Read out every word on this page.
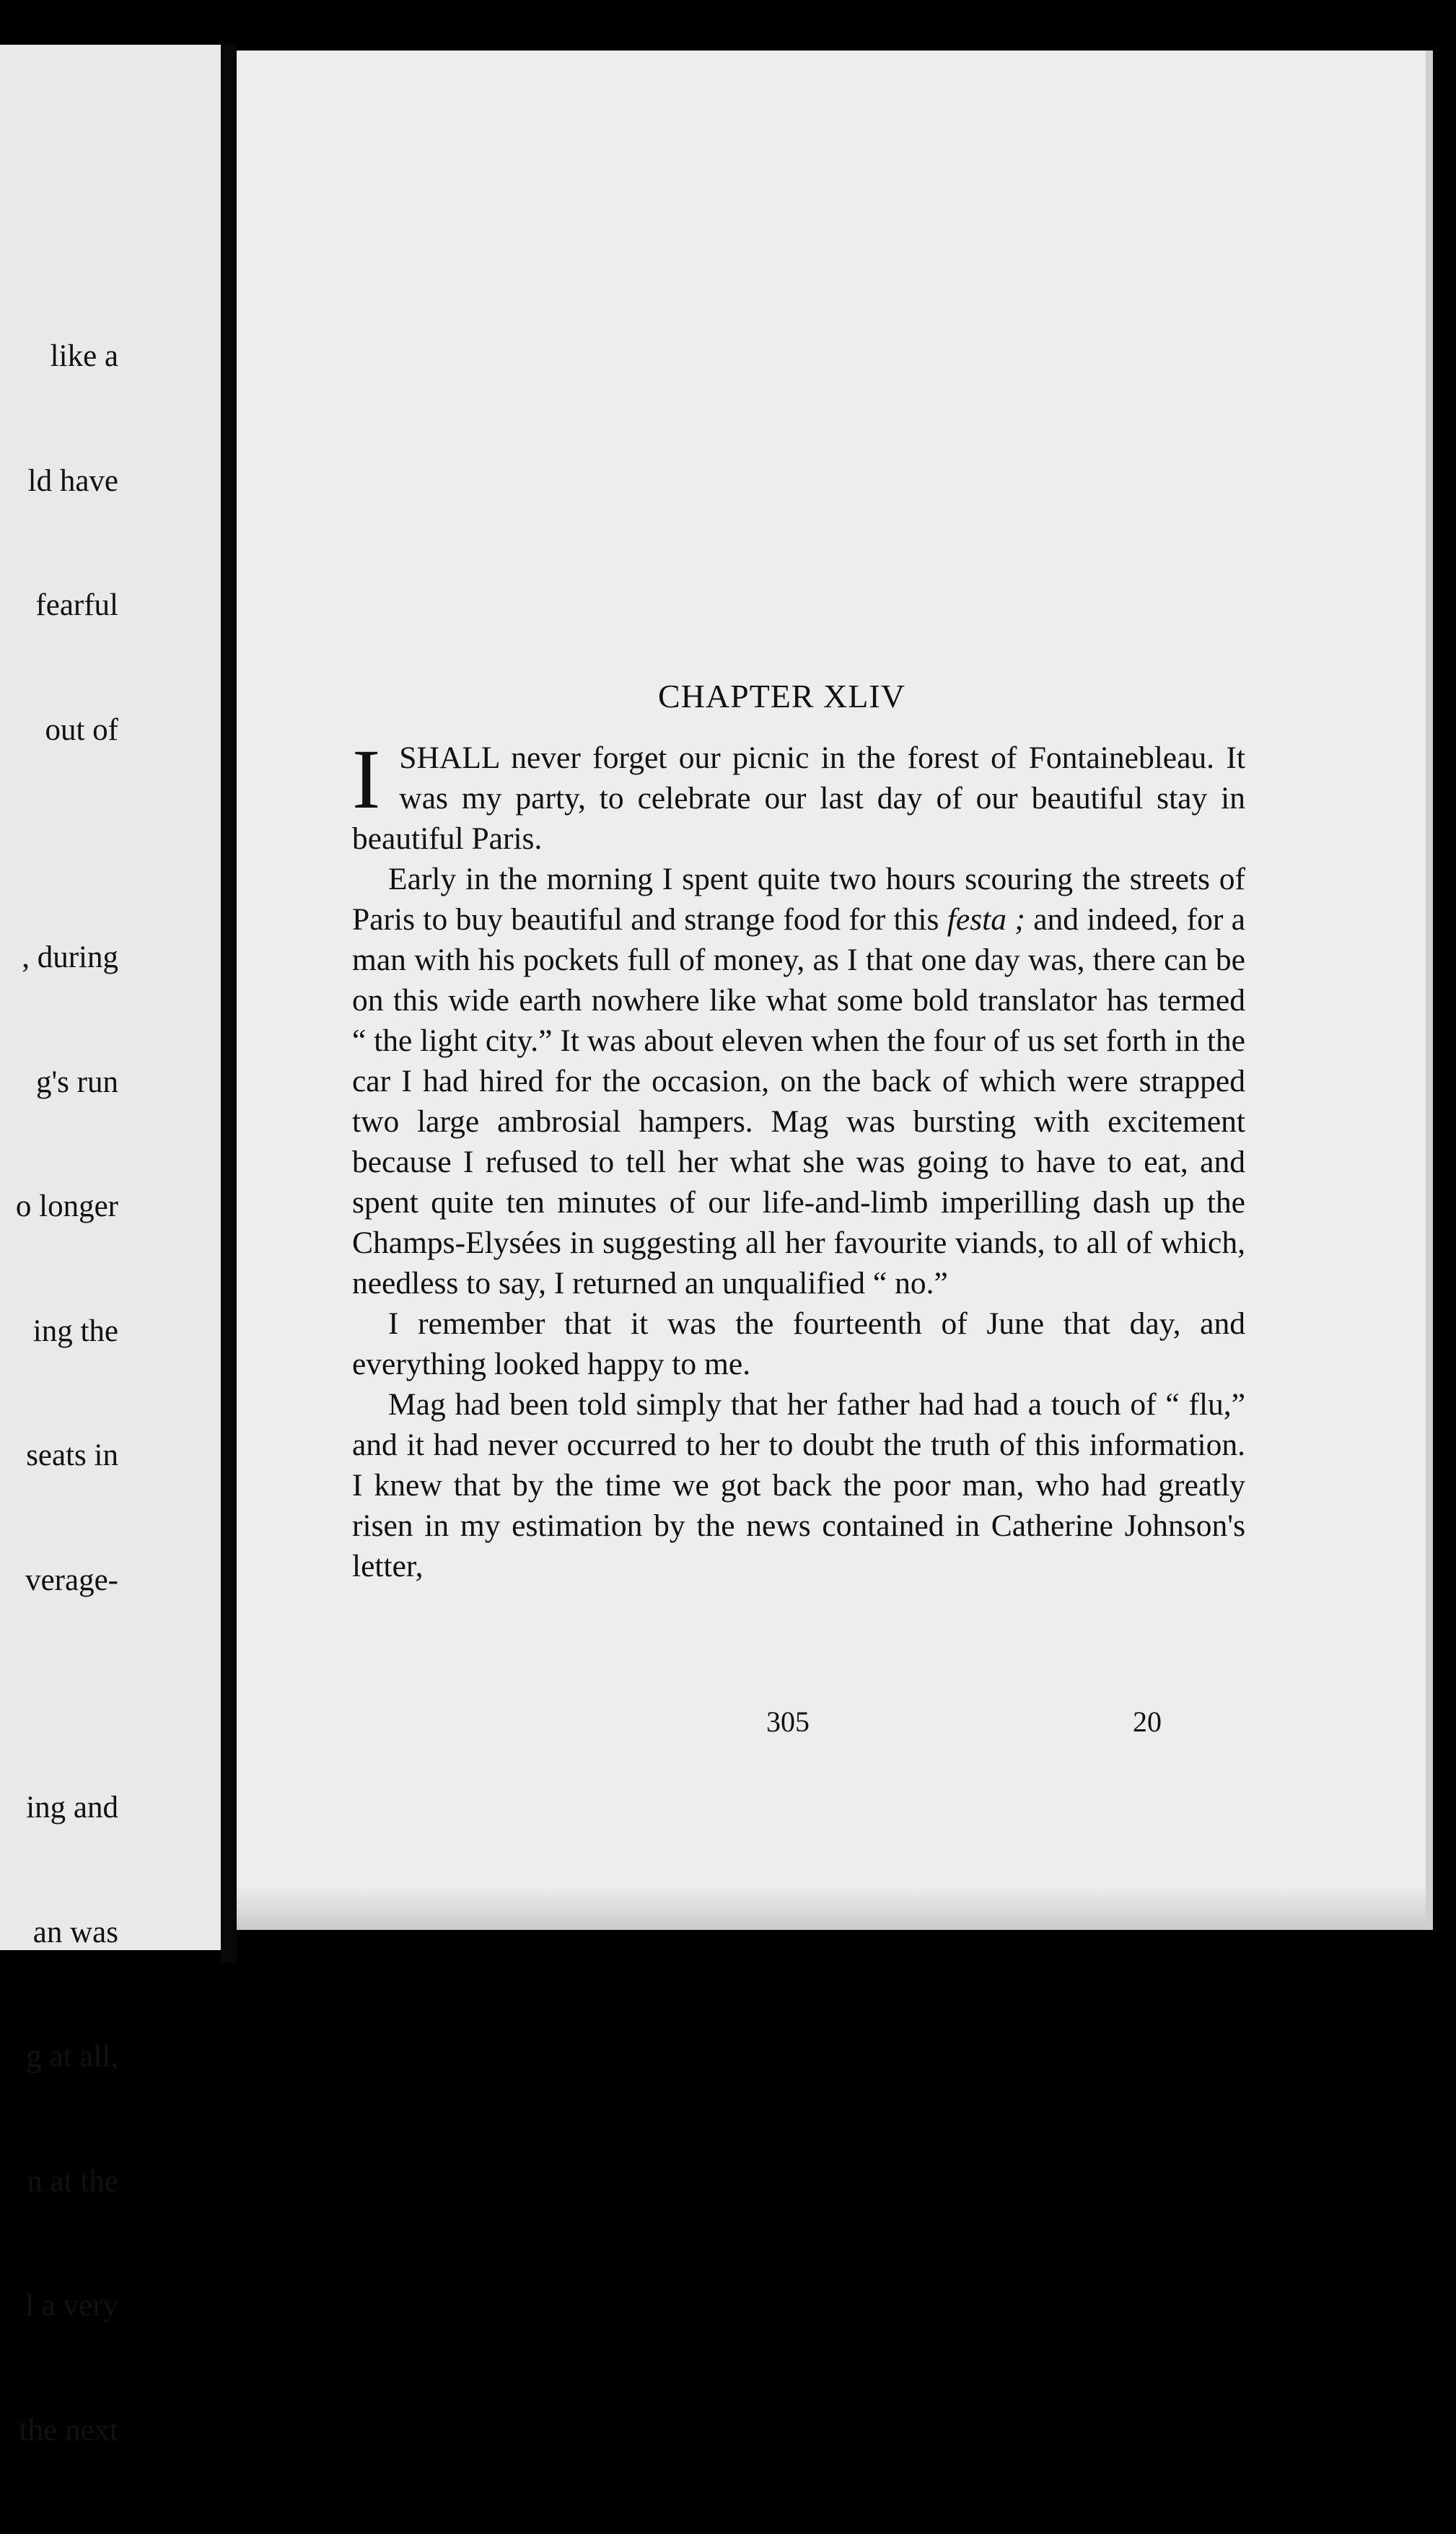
like a

ld have

fearful

out of

, during

g's run

o longer

ing the

seats in

verage-

ing and

an was

g at all,

n at the

l a very

the next

CHAPTER XLIV

ISHALL never forget our picnic in the forest of Fontainebleau. It was my party, to celebrate our last day of our beautiful stay in beautiful Paris.

Early in the morning I spent quite two hours scouring the streets of Paris to buy beautiful and strange food for this festa ; and indeed, for a man with his pockets full of money, as I that one day was, there can be on this wide earth nowhere like what some bold translator has termed “ the light city.” It was about eleven when the four of us set forth in the car I had hired for the occasion, on the back of which were strapped two large ambrosial hampers. Mag was bursting with excitement because I refused to tell her what she was going to have to eat, and spent quite ten minutes of our life-and-limb imperilling dash up the Champs-Elysées in suggesting all her favourite viands, to all of which, needless to say, I returned an unqualified “ no.”

I remember that it was the fourteenth of June that day, and everything looked happy to me.

Mag had been told simply that her father had had a touch of “ flu,” and it had never occurred to her to doubt the truth of this information. I knew that by the time we got back the poor man, who had greatly risen in my estimation by the news contained in Catherine Johnson's letter,

305	20
